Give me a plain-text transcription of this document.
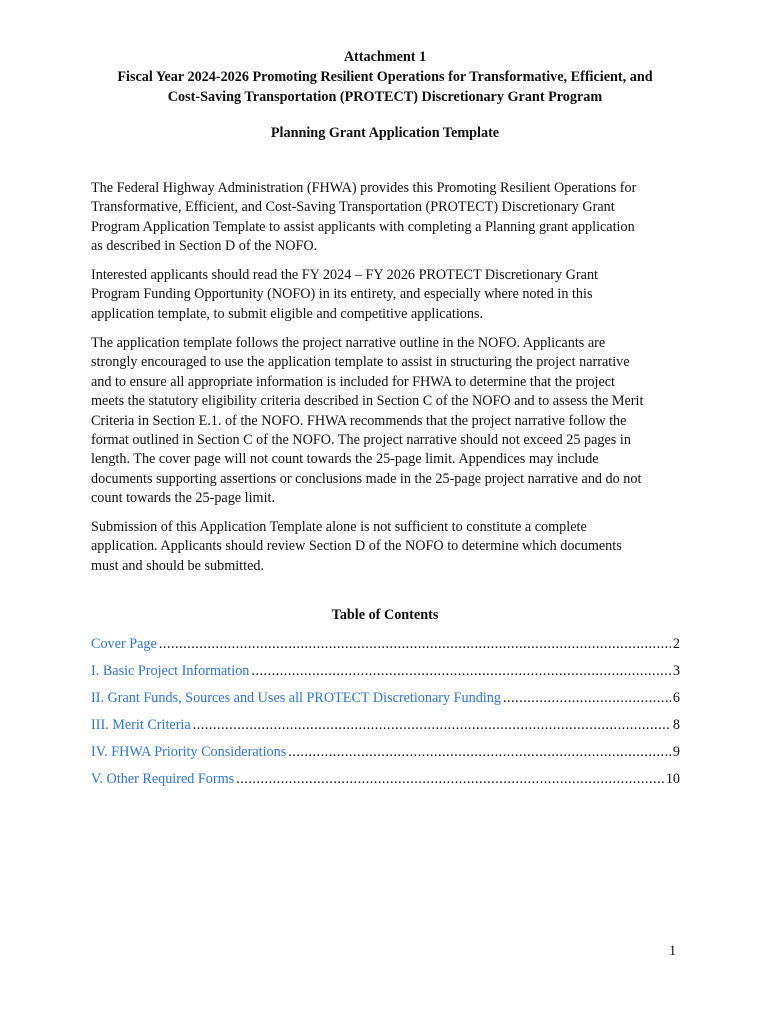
Attachment 1
Fiscal Year 2024-2026 Promoting Resilient Operations for Transformative, Efficient, and
Cost-Saving Transportation (PROTECT) Discretionary Grant Program
Planning Grant Application Template
The Federal Highway Administration (FHWA) provides this Promoting Resilient Operations for
Transformative, Efficient, and Cost-Saving Transportation (PROTECT) Discretionary Grant
Program Application Template to assist applicants with completing a Planning grant application
as described in Section D of the NOFO.
Interested applicants should read the FY 2024 – FY 2026 PROTECT Discretionary Grant
Program Funding Opportunity (NOFO) in its entirety, and especially where noted in this
application template, to submit eligible and competitive applications.
The application template follows the project narrative outline in the NOFO. Applicants are
strongly encouraged to use the application template to assist in structuring the project narrative
and to ensure all appropriate information is included for FHWA to determine that the project
meets the statutory eligibility criteria described in Section C of the NOFO and to assess the Merit
Criteria in Section E.1. of the NOFO. FHWA recommends that the project narrative follow the
format outlined in Section C of the NOFO. The project narrative should not exceed 25 pages in
length. The cover page will not count towards the 25-page limit. Appendices may include
documents supporting assertions or conclusions made in the 25-page project narrative and do not
count towards the 25-page limit.
Submission of this Application Template alone is not sufficient to constitute a complete
application. Applicants should review Section D of the NOFO to determine which documents
must and should be submitted.
Table of Contents
Cover Page .....	2
I. Basic Project Information .....	3
II. Grant Funds, Sources and Uses all PROTECT Discretionary Funding .....	6
III. Merit Criteria .....	8
IV. FHWA Priority Considerations .....	9
V. Other Required Forms .....	10
1
